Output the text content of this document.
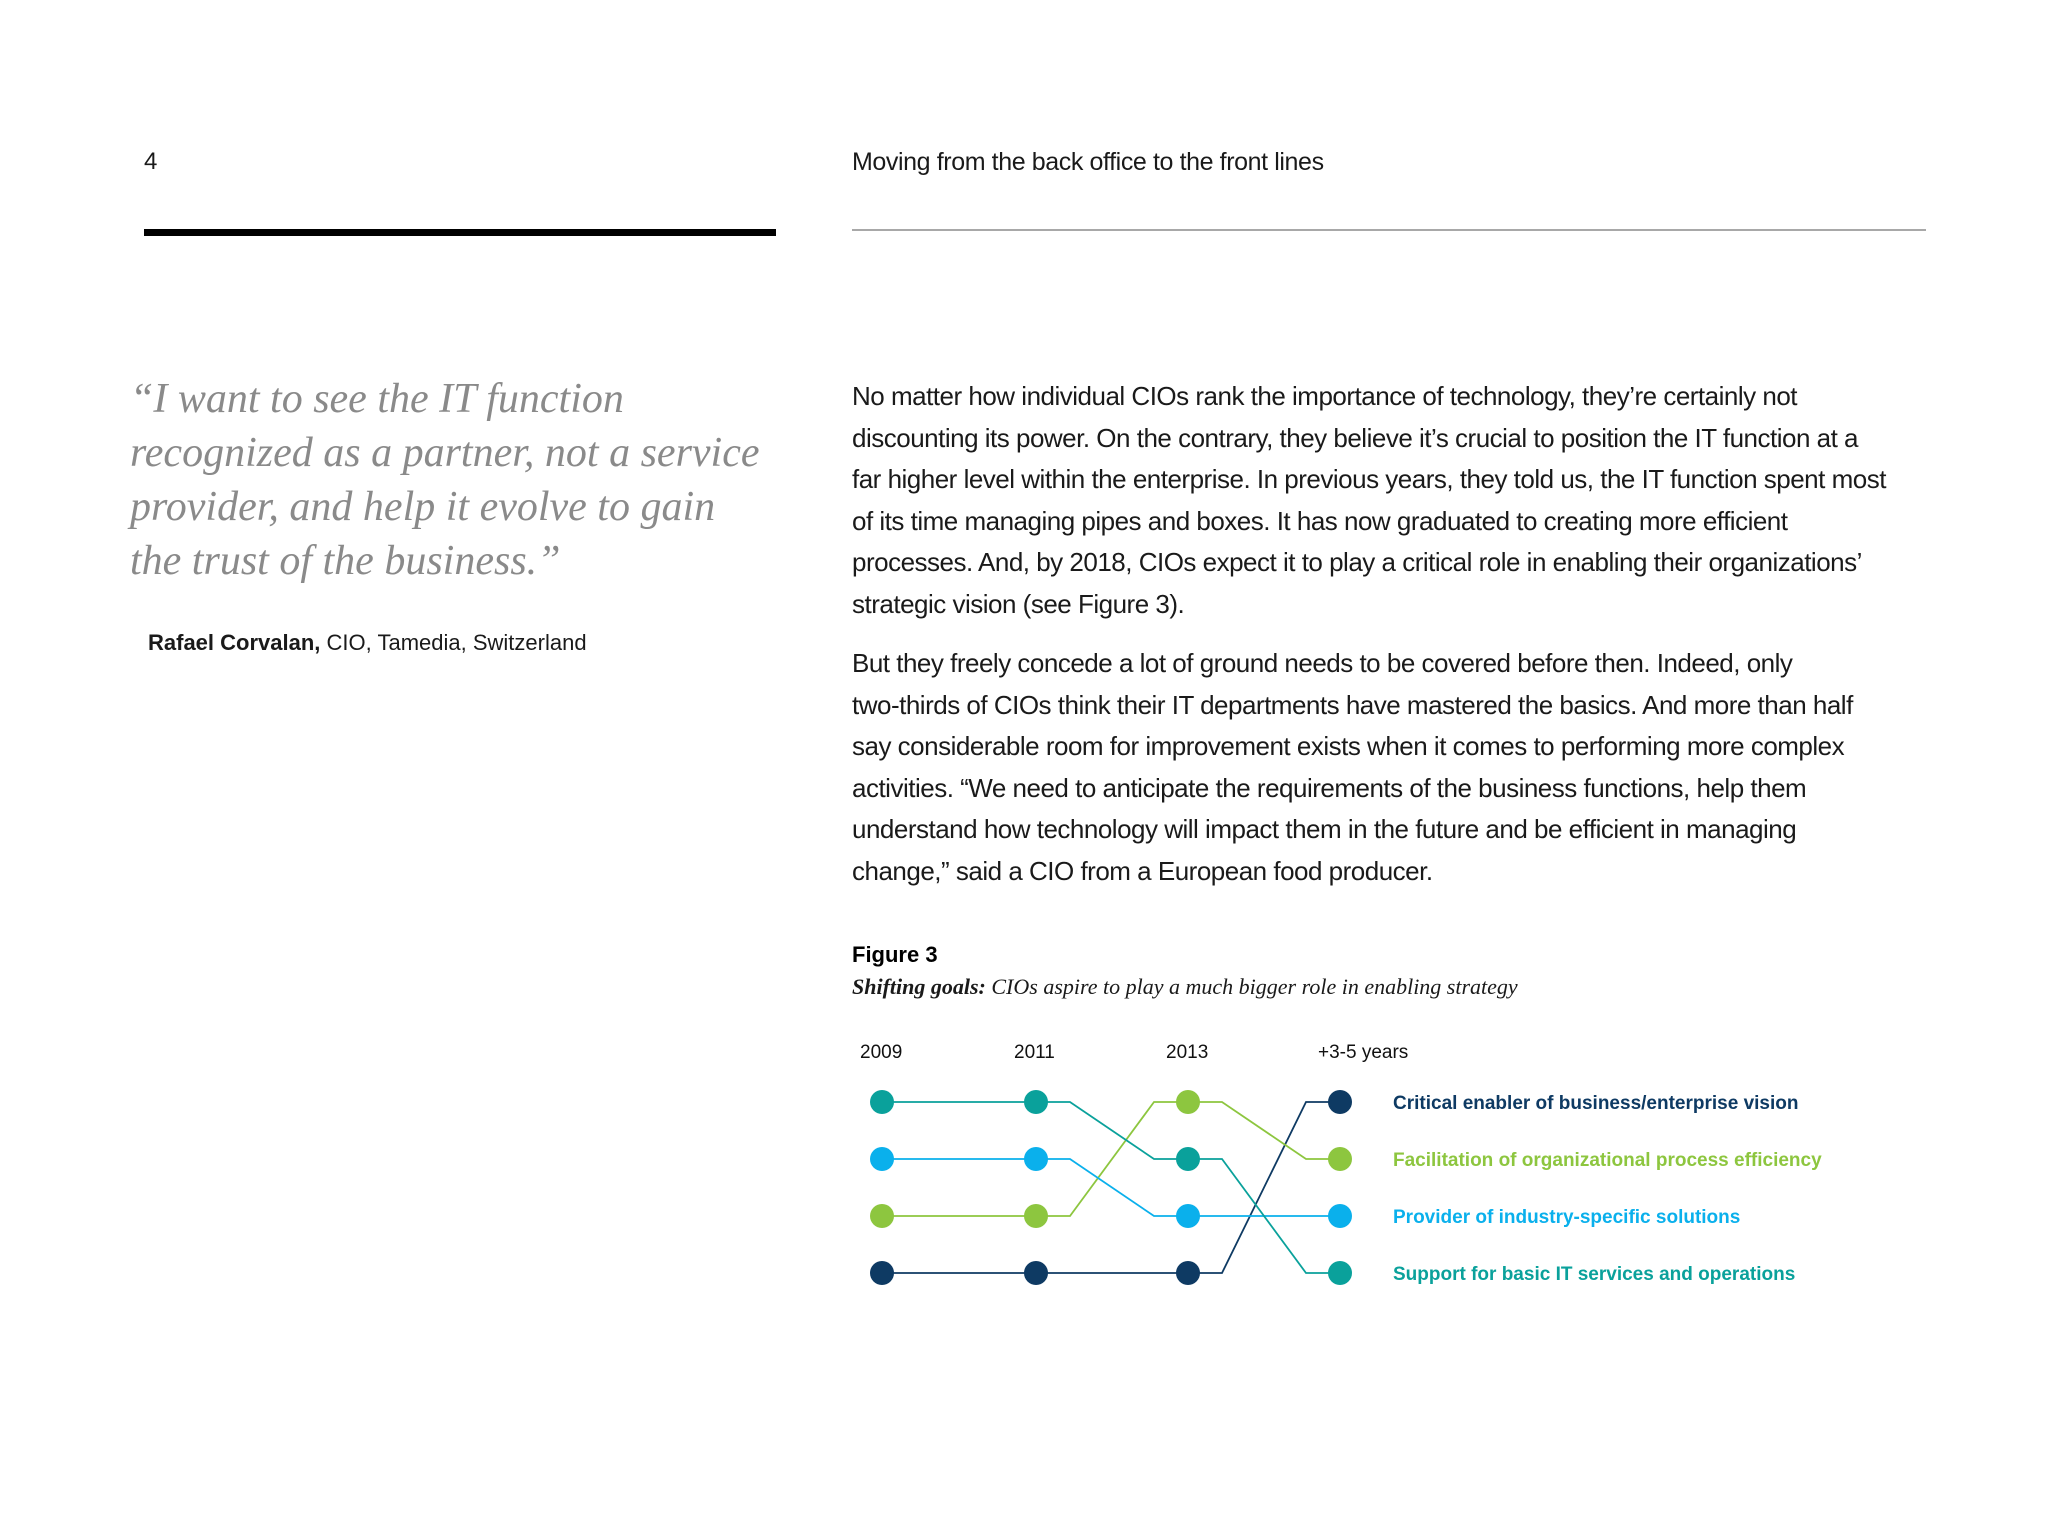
4	Moving from the back office to the front lines
“I want to see the IT function
recognized as a partner, not a service
provider, and help it evolve to gain
the trust of the business.”
Rafael Corvalan, CIO, Tamedia, Switzerland

No matter how individual CIOs rank the importance of technology, they’re certainly not
discounting its power. On the contrary, they believe it’s crucial to position the IT function at a
far higher level within the enterprise. In previous years, they told us, the IT function spent most
of its time managing pipes and boxes. It has now graduated to creating more efficient
processes. And, by 2018, CIOs expect it to play a critical role in enabling their organizations’
strategic vision (see Figure 3).

But they freely concede a lot of ground needs to be covered before then. Indeed, only
two-thirds of CIOs think their IT departments have mastered the basics. And more than half
say considerable room for improvement exists when it comes to performing more complex
activities. “We need to anticipate the requirements of the business functions, help them
understand how technology will impact them in the future and be efficient in managing
change,” said a CIO from a European food producer.

Figure 3
Shifting goals: CIOs aspire to play a much bigger role in enabling strategy
2009	2011	2013	+3-5 years
Critical enabler of business/enterprise vision
Facilitation of organizational process efficiency
Provider of industry-specific solutions
Support for basic IT services and operations
